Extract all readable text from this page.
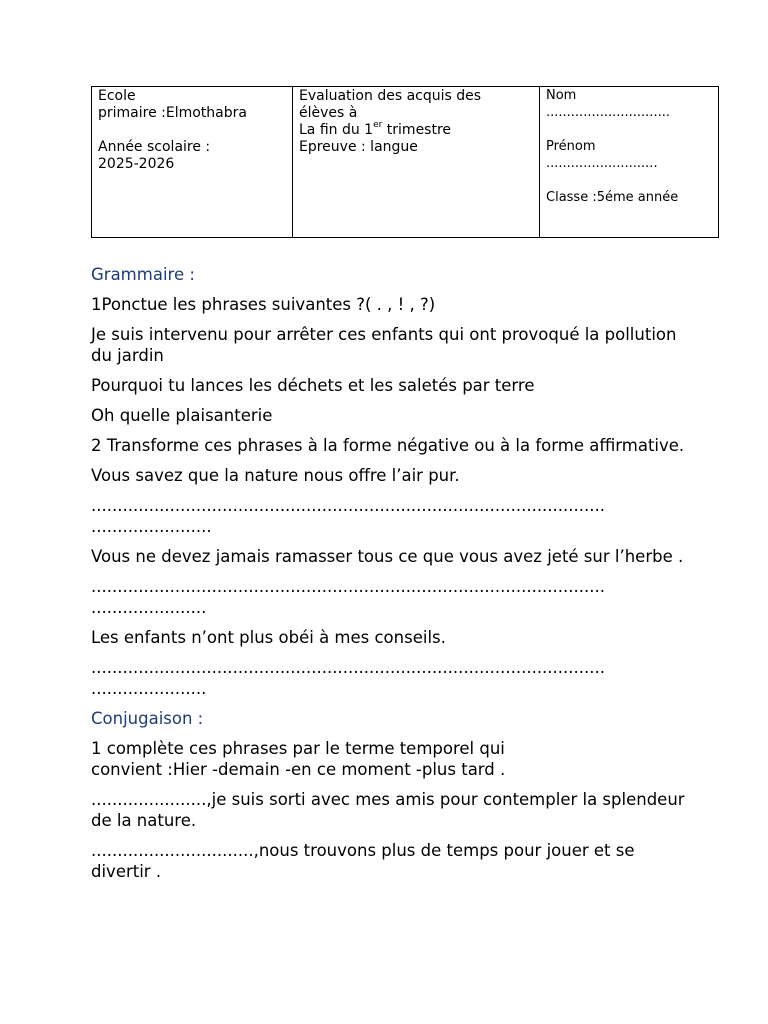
Ecole
primaire :Elmothabra
Année scolaire :
2025-2026

Evaluation des acquis des
élèves à
La fin du 1er trimestre
Epreuve : langue

Nom
..............................
Prénom
...........................
Classe :5éme année

Grammaire :

1Ponctue les phrases suivantes ?( . , ! , ?)

Je suis intervenu pour arrêter ces enfants qui ont provoqué la pollution du jardin

Pourquoi tu lances les déchets et les saletés par terre

Oh quelle plaisanterie

2 Transforme ces phrases à la forme négative ou à la forme affirmative.

Vous savez que la nature nous offre l’air pur.

..................................................................................................
.......................

Vous ne devez jamais ramasser tous ce que vous avez jeté sur l’herbe .

..................................................................................................
......................

Les enfants n’ont plus obéi à mes conseils.

..................................................................................................
......................

Conjugaison :

1 complète ces phrases par le terme temporel qui
convient :Hier -demain -en ce moment -plus tard .

......................,je suis sorti avec mes amis pour contempler la splendeur de la nature.

...............................,nous trouvons plus de temps pour jouer et se divertir .
